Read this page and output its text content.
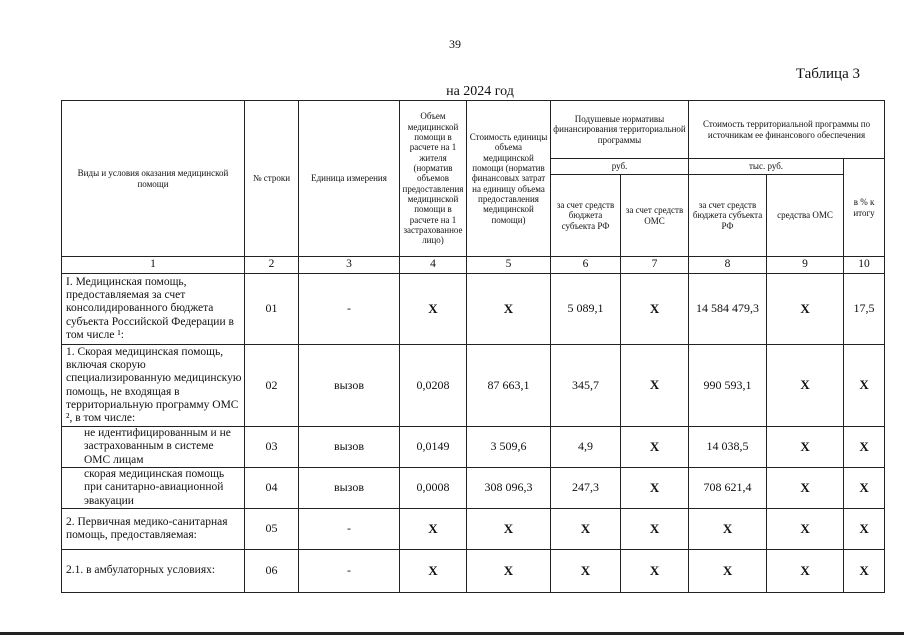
39
Таблица 3
на 2024 год
Виды и условия оказания медицинской помощи	№ строки	Единица измерения	Объем медицинской помощи в расчете на 1 жителя (норматив объемов предоставления медицинской помощи в расчете на 1 застрахованное лицо)	Стоимость единицы объема медицинской помощи (норматив финансовых затрат на единицу объема предоставления медицинской помощи)	Подушевые нормативы финансирования территориальной программы		Стоимость территориальной программы по источникам ее финансового обеспечения		
					руб.		тыс. руб.		в % к итогу
					за счет средств бюджета субъекта РФ	за счет средств ОМС	за счет средств бюджета субъекта РФ	средства ОМС	
1	2	3	4	5	6	7	8	9	10
I. Медицинская помощь, предоставляемая за счет консолидированного бюджета субъекта Российской Федерации в том числе ¹:	01	-	X	X	5 089,1	X	14 584 479,3	X	17,5
1. Скорая медицинская помощь, включая скорую специализированную медицинскую помощь, не входящая в территориальную программу ОМС ², в том числе:	02	вызов	0,0208	87 663,1	345,7	X	990 593,1	X	X
не идентифицированным и не застрахованным в системе ОМС лицам	03	вызов	0,0149	3 509,6	4,9	X	14 038,5	X	X
скорая медицинская помощь при санитарно-авиационной эвакуации	04	вызов	0,0008	308 096,3	247,3	X	708 621,4	X	X
2. Первичная медико-санитарная помощь, предоставляемая:	05	-	X	X	X	X	X	X	X
2.1. в амбулаторных условиях:	06	-	X	X	X	X	X	X	X
